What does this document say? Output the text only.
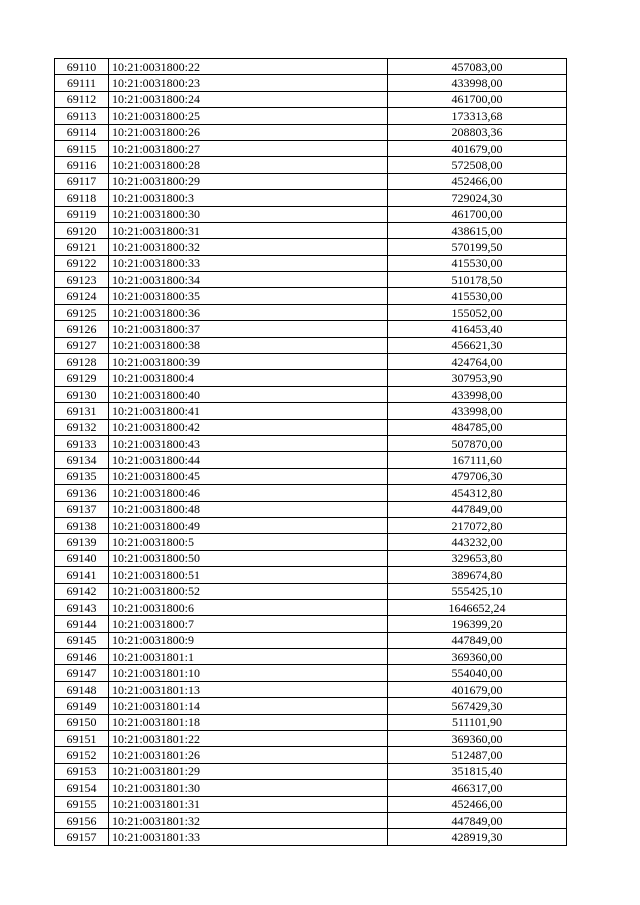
69110	10:21:0031800:22	457083,00
69111	10:21:0031800:23	433998,00
69112	10:21:0031800:24	461700,00
69113	10:21:0031800:25	173313,68
69114	10:21:0031800:26	208803,36
69115	10:21:0031800:27	401679,00
69116	10:21:0031800:28	572508,00
69117	10:21:0031800:29	452466,00
69118	10:21:0031800:3	729024,30
69119	10:21:0031800:30	461700,00
69120	10:21:0031800:31	438615,00
69121	10:21:0031800:32	570199,50
69122	10:21:0031800:33	415530,00
69123	10:21:0031800:34	510178,50
69124	10:21:0031800:35	415530,00
69125	10:21:0031800:36	155052,00
69126	10:21:0031800:37	416453,40
69127	10:21:0031800:38	456621,30
69128	10:21:0031800:39	424764,00
69129	10:21:0031800:4	307953,90
69130	10:21:0031800:40	433998,00
69131	10:21:0031800:41	433998,00
69132	10:21:0031800:42	484785,00
69133	10:21:0031800:43	507870,00
69134	10:21:0031800:44	167111,60
69135	10:21:0031800:45	479706,30
69136	10:21:0031800:46	454312,80
69137	10:21:0031800:48	447849,00
69138	10:21:0031800:49	217072,80
69139	10:21:0031800:5	443232,00
69140	10:21:0031800:50	329653,80
69141	10:21:0031800:51	389674,80
69142	10:21:0031800:52	555425,10
69143	10:21:0031800:6	1646652,24
69144	10:21:0031800:7	196399,20
69145	10:21:0031800:9	447849,00
69146	10:21:0031801:1	369360,00
69147	10:21:0031801:10	554040,00
69148	10:21:0031801:13	401679,00
69149	10:21:0031801:14	567429,30
69150	10:21:0031801:18	511101,90
69151	10:21:0031801:22	369360,00
69152	10:21:0031801:26	512487,00
69153	10:21:0031801:29	351815,40
69154	10:21:0031801:30	466317,00
69155	10:21:0031801:31	452466,00
69156	10:21:0031801:32	447849,00
69157	10:21:0031801:33	428919,30
